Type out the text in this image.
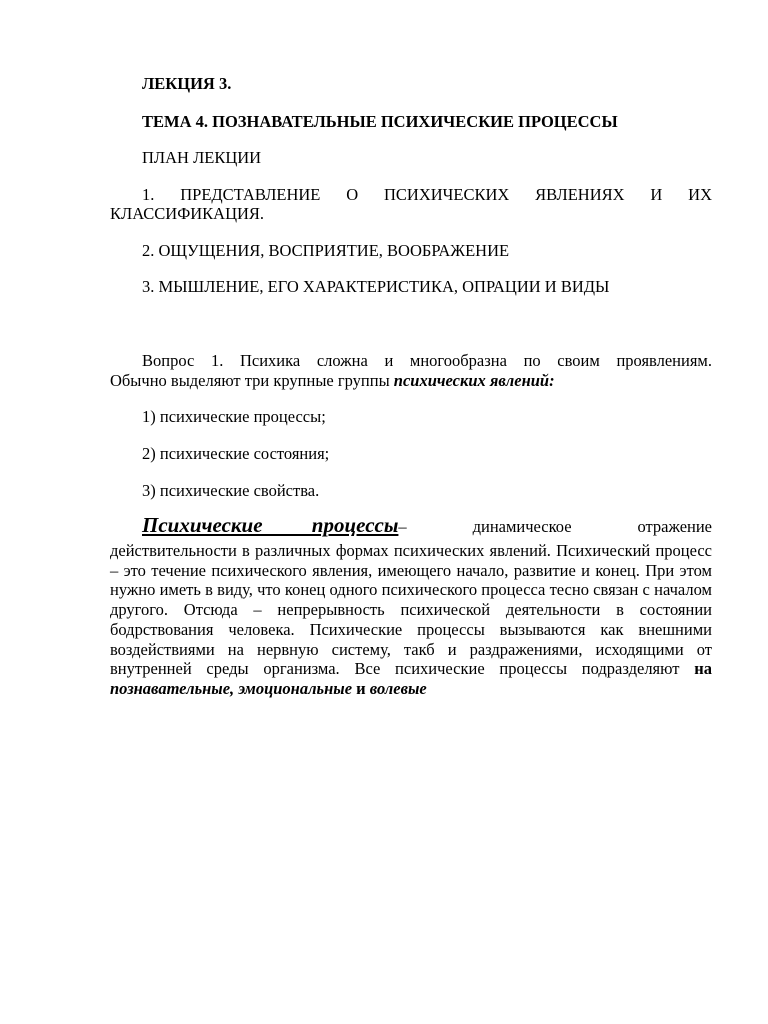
ЛЕКЦИЯ 3.
ТЕМА 4. ПОЗНАВАТЕЛЬНЫЕ ПСИХИЧЕСКИЕ ПРОЦЕССЫ
ПЛАН ЛЕКЦИИ
1. ПРЕДСТАВЛЕНИЕ О ПСИХИЧЕСКИХ ЯВЛЕНИЯХ И ИХ
КЛАССИФИКАЦИЯ.
2. ОЩУЩЕНИЯ, ВОСПРИЯТИЕ, ВООБРАЖЕНИЕ
3. МЫШЛЕНИЕ, ЕГО ХАРАКТЕРИСТИКА, ОПРАЦИИ И ВИДЫ
Вопрос 1. Психика сложна и многообразна по своим проявлениям.
Обычно выделяют три крупные группы психических явлений:
1) психические процессы;
2) психические состояния;
3) психические свойства.
Психические процессы – динамическое отражение
действительности в различных формах психических явлений. Психический процесс – это течение психического явления, имеющего начало, развитие и конец. При этом нужно иметь в виду, что конец одного психического процесса тесно связан с началом другого. Отсюда – непрерывность психической деятельности в состоянии бодрствования человека. Психические процессы вызываются как внешними воздействиями на нервную систему, такб и раздражениями, исходящими от внутренней среды организма. Все психические процессы подразделяют на познавательные, эмоциональные и волевые
